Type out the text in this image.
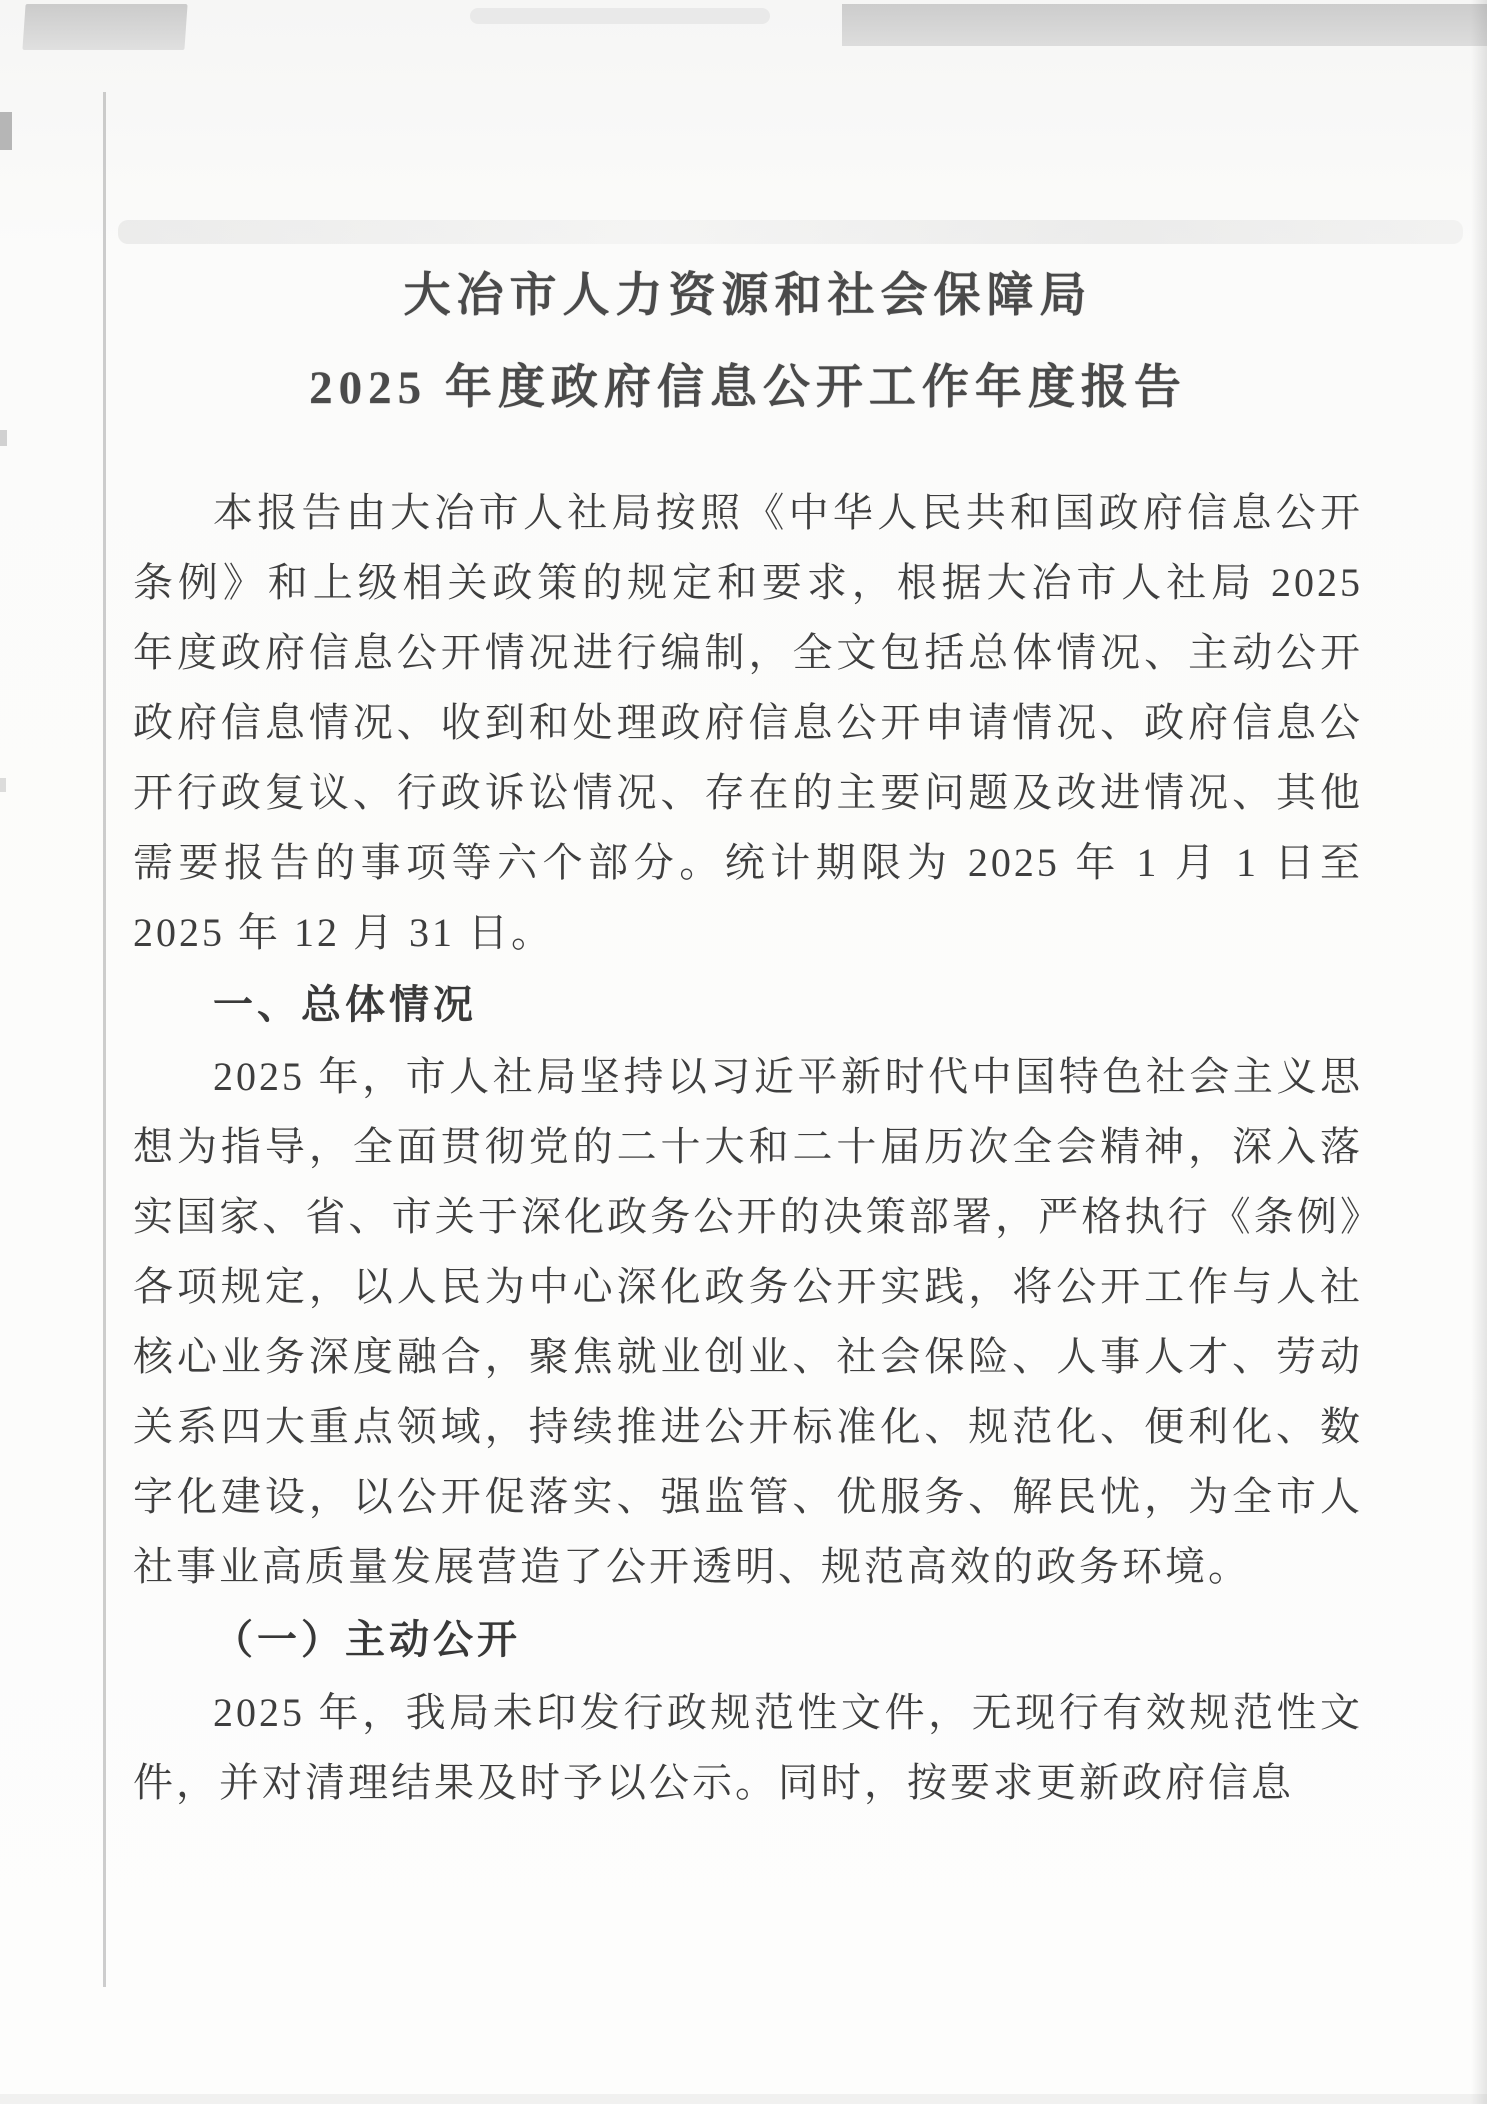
大冶市人力资源和社会保障局
2025 年度政府信息公开工作年度报告

本报告由大冶市人社局按照《中华人民共和国政府信息公开条例》和上级相关政策的规定和要求，根据大冶市人社局 2025 年度政府信息公开情况进行编制，全文包括总体情况、主动公开政府信息情况、收到和处理政府信息公开申请情况、政府信息公开行政复议、行政诉讼情况、存在的主要问题及改进情况、其他需要报告的事项等六个部分。统计期限为 2025 年 1 月 1 日至 2025 年 12 月 31 日。

一、总体情况

2025 年，市人社局坚持以习近平新时代中国特色社会主义思想为指导，全面贯彻党的二十大和二十届历次全会精神，深入落实国家、省、市关于深化政务公开的决策部署，严格执行《条例》各项规定，以人民为中心深化政务公开实践，将公开工作与人社核心业务深度融合，聚焦就业创业、社会保险、人事人才、劳动关系四大重点领域，持续推进公开标准化、规范化、便利化、数字化建设，以公开促落实、强监管、优服务、解民忧，为全市人社事业高质量发展营造了公开透明、规范高效的政务环境。

（一）主动公开

2025 年，我局未印发行政规范性文件，无现行有效规范性文件，并对清理结果及时予以公示。同时，按要求更新政府信息
